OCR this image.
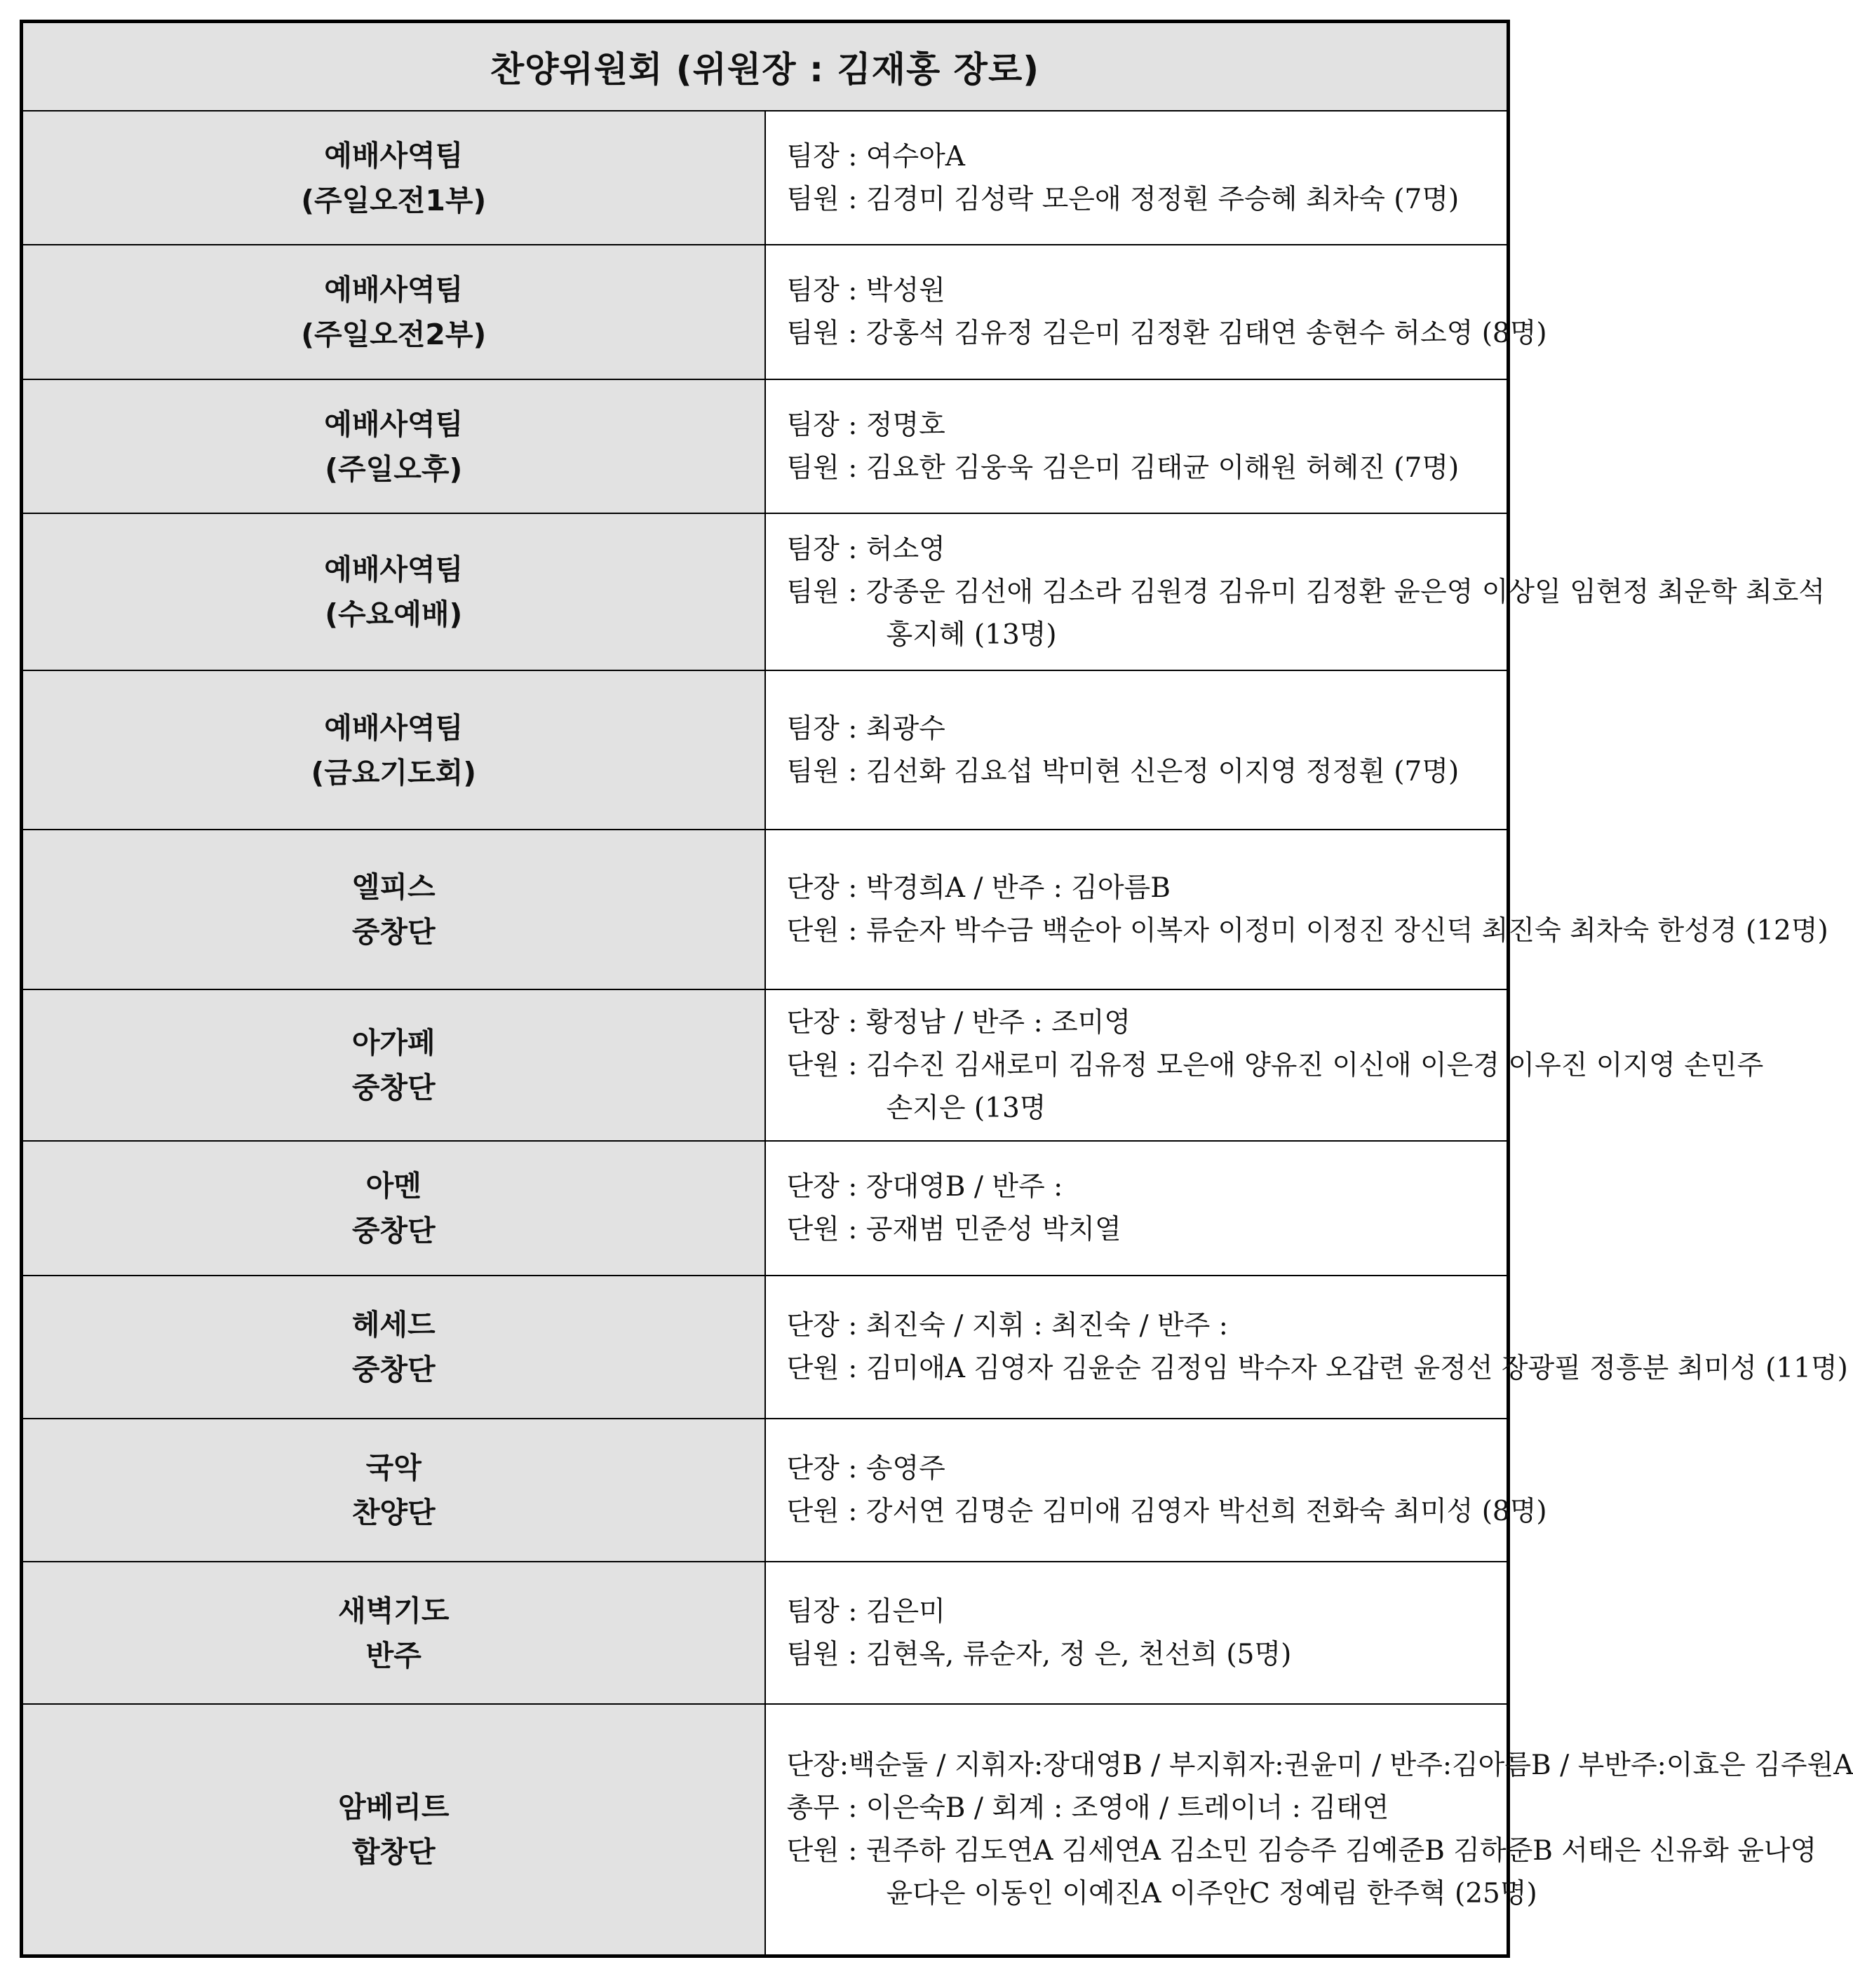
찬양위원회 (위원장 : 김재홍 장로)	

예배사역팀
(주일오전1부)	팀장 : 여수아A
팀원 : 김경미 김성락 모은애 정정훤 주승혜 최차숙 (7명)

예배사역팀
(주일오전2부)	팀장 : 박성원
팀원 : 강홍석 김유정 김은미 김정환 김태연 송현수 허소영 (8명)

예배사역팀
(주일오후)	팀장 : 정명호
팀원 : 김요한 김웅욱 김은미 김태균 이해원 허혜진 (7명)

예배사역팀
(수요예배)	팀장 : 허소영
팀원 : 강종운 김선애 김소라 김원경 김유미 김정환 윤은영 이상일 임현정 최운학 최호석
홍지혜 (13명)

예배사역팀
(금요기도회)	팀장 : 최광수
팀원 : 김선화 김요섭 박미현 신은정 이지영 정정훤 (7명)

엘피스
중창단	단장 : 박경희A / 반주 : 김아름B
단원 : 류순자 박수금 백순아 이복자 이정미 이정진 장신덕 최진숙 최차숙 한성경 (12명)

아가페
중창단	단장 : 황정남 / 반주 : 조미영
단원 : 김수진 김새로미 김유정 모은애 양유진 이신애 이은경 이우진 이지영 손민주
손지은 (13명

아멘
중창단	단장 : 장대영B / 반주 :
단원 : 공재범 민준성 박치열

헤세드
중창단	단장 : 최진숙 / 지휘 : 최진숙 / 반주 :
단원 : 김미애A 김영자 김윤순 김정임 박수자 오갑련 윤정선 장광필 정흥분 최미성 (11명)

국악
찬양단	단장 : 송영주
단원 : 강서연 김명순 김미애 김영자 박선희 전화숙 최미성 (8명)

새벽기도
반주	팀장 : 김은미
팀원 : 김현옥, 류순자, 정 은, 천선희 (5명)

암베리트
합창단	단장:백순둘 / 지휘자:장대영B / 부지휘자:권윤미 / 반주:김아름B / 부반주:이효은 김주원A
총무 : 이은숙B / 회계 : 조영애 / 트레이너 : 김태연
단원 : 권주하 김도연A 김세연A 김소민 김승주 김예준B 김하준B 서태은 신유화 윤나영
윤다은 이동인 이예진A 이주안C 정예림 한주혁 (25명)
